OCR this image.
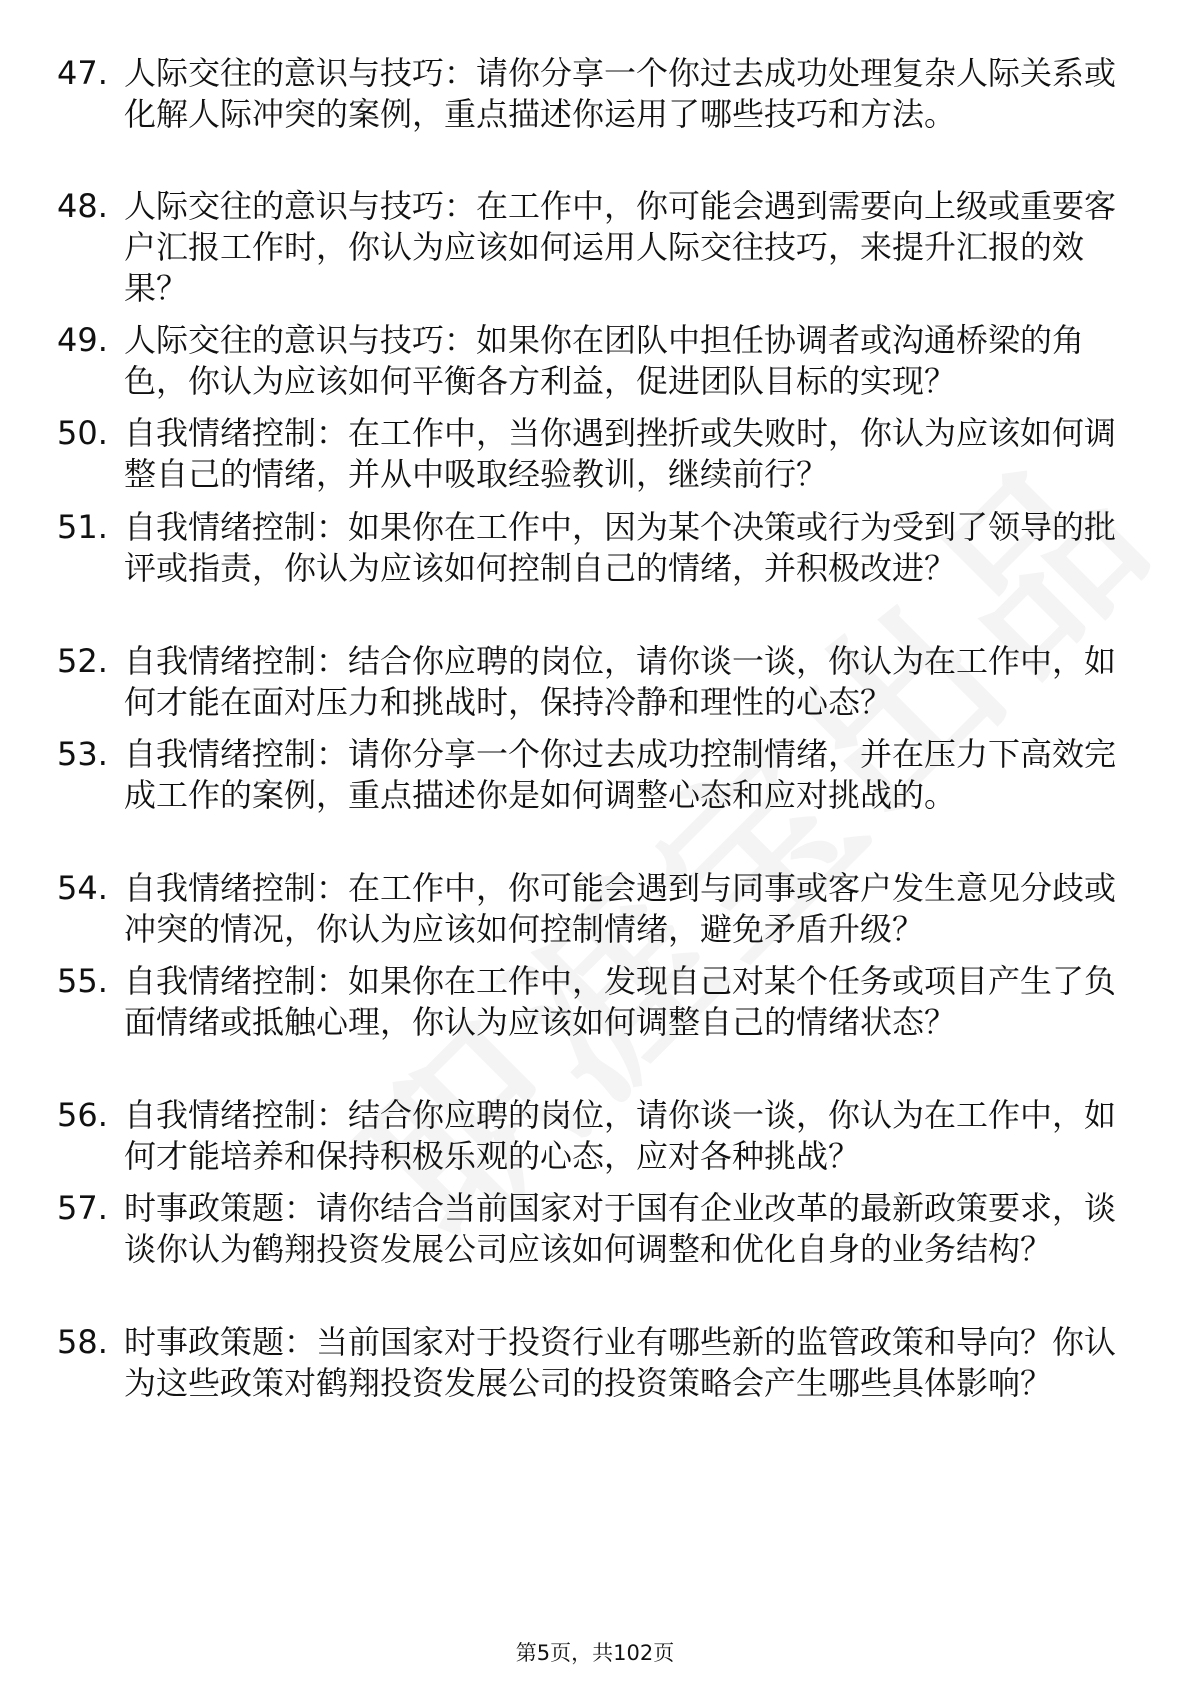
47. 人际交往的意识与技巧：请你分享一个你过去成功处理复杂人际关系或化解人际冲突的案例，重点描述你运用了哪些技巧和方法。
48. 人际交往的意识与技巧：在工作中，你可能会遇到需要向上级或重要客户汇报工作时，你认为应该如何运用人际交往技巧，来提升汇报的效果？
49. 人际交往的意识与技巧：如果你在团队中担任协调者或沟通桥梁的角色，你认为应该如何平衡各方利益，促进团队目标的实现？
50. 自我情绪控制：在工作中，当你遇到挫折或失败时，你认为应该如何调整自己的情绪，并从中吸取经验教训，继续前行？
51. 自我情绪控制：如果你在工作中，因为某个决策或行为受到了领导的批评或指责，你认为应该如何控制自己的情绪，并积极改进？
52. 自我情绪控制：结合你应聘的岗位，请你谈一谈，你认为在工作中，如何才能在面对压力和挑战时，保持冷静和理性的心态？
53. 自我情绪控制：请你分享一个你过去成功控制情绪，并在压力下高效完成工作的案例，重点描述你是如何调整心态和应对挑战的。
54. 自我情绪控制：在工作中，你可能会遇到与同事或客户发生意见分歧或冲突的情况，你认为应该如何控制情绪，避免矛盾升级？
55. 自我情绪控制：如果你在工作中，发现自己对某个任务或项目产生了负面情绪或抵触心理，你认为应该如何调整自己的情绪状态？
56. 自我情绪控制：结合你应聘的岗位，请你谈一谈，你认为在工作中，如何才能培养和保持积极乐观的心态，应对各种挑战？
57. 时事政策题：请你结合当前国家对于国有企业改革的最新政策要求，谈谈你认为鹤翔投资发展公司应该如何调整和优化自身的业务结构？
58. 时事政策题：当前国家对于投资行业有哪些新的监管政策和导向？你认为这些政策对鹤翔投资发展公司的投资策略会产生哪些具体影响？
第5页，共102页
